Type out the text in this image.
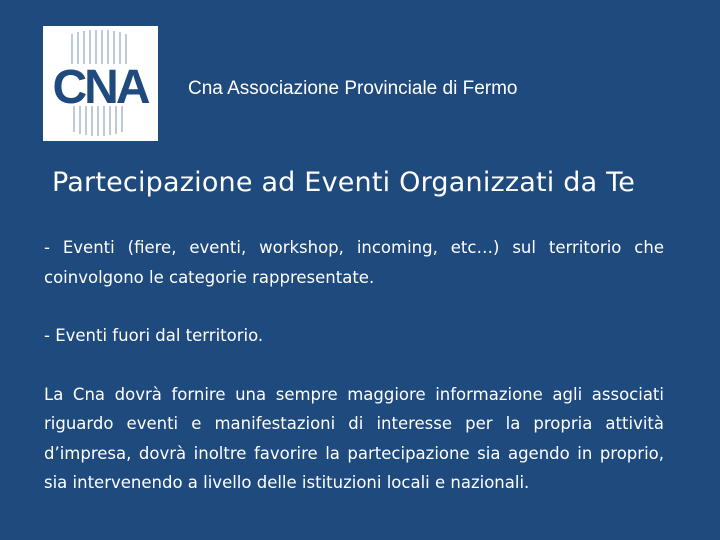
CNA Cna Associazione Provinciale di Fermo
Partecipazione ad Eventi Organizzati da Te

- Eventi (fiere, eventi, workshop, incoming, etc…) sul territorio che coinvolgono le categorie rappresentate.

- Eventi fuori dal territorio.

La Cna dovrà fornire una sempre maggiore informazione agli associati riguardo eventi e manifestazioni di interesse per la propria attività d’impresa, dovrà inoltre favorire la partecipazione sia agendo in proprio, sia intervenendo a livello delle istituzioni locali e nazionali.
